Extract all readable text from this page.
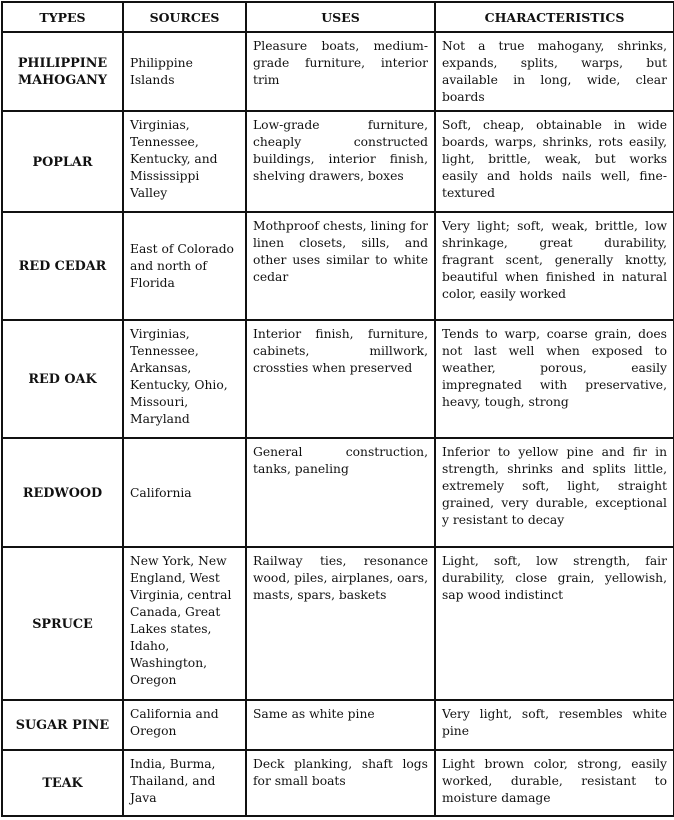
TYPES	SOURCES	USES	CHARACTERISTICS
PHILIPPINE MAHOGANY	Philippine Islands	Pleasure boats, medium-grade furniture, interior trim	Not a true mahogany, shrinks, expands, splits, warps, but available in long, wide, clear boards
POPLAR	Virginias, Tennessee, Kentucky, and Mississippi Valley	Low-grade furniture, cheaply constructed buildings, interior finish, shelving drawers, boxes	Soft, cheap, obtainable in wide boards, warps, shrinks, rots easily, light, brittle, weak, but works easily and holds nails well, fine-textured
RED CEDAR	East of Colorado and north of Florida	Mothproof chests, lining for linen closets, sills, and other uses similar to white cedar	Very light; soft, weak, brittle, low shrinkage, great durability, fragrant scent, generally knotty, beautiful when finished in natural color, easily worked
RED OAK	Virginias, Tennessee, Arkansas, Kentucky, Ohio, Missouri, Maryland	Interior finish, furniture, cabinets, millwork, crossties when preserved	Tends to warp, coarse grain, does not last well when exposed to weather, porous, easily impregnated with preservative, heavy, tough, strong
REDWOOD	California	General construction, tanks, paneling	Inferior to yellow pine and fir in strength, shrinks and splits little, extremely soft, light, straight grained, very durable, exceptional y resistant to decay
SPRUCE	New York, New England, West Virginia, central Canada, Great Lakes states, Idaho, Washington, Oregon	Railway ties, resonance wood, piles, airplanes, oars, masts, spars, baskets	Light, soft, low strength, fair durability, close grain, yellowish, sap wood indistinct
SUGAR PINE	California and Oregon	Same as white pine	Very light, soft, resembles white pine
TEAK	India, Burma, Thailand, and Java	Deck planking, shaft logs for small boats	Light brown color, strong, easily worked, durable, resistant to moisture damage
